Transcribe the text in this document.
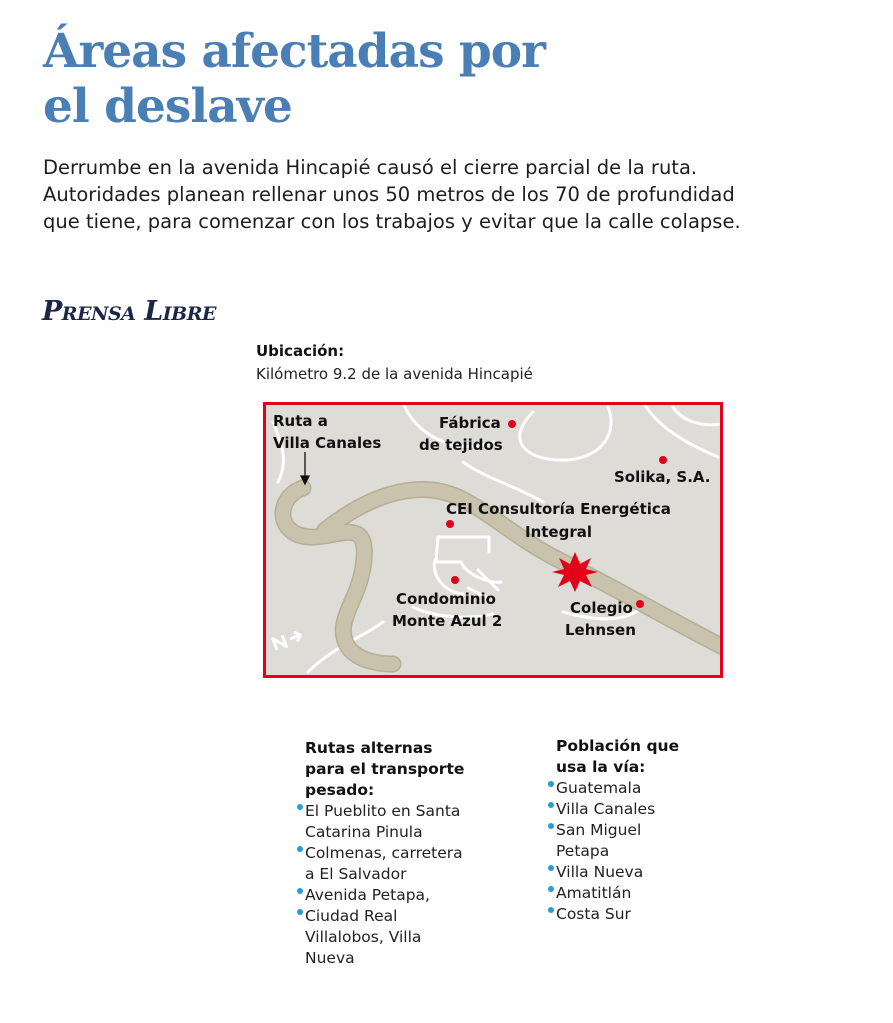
Áreas afectadas por
el deslave

Derrumbe en la avenida Hincapié causó el cierre parcial de la ruta. Autoridades planean rellenar unos 50 metros de los 70 de profundidad que tiene, para comenzar con los trabajos y evitar que la calle colapse.

Prensa Libre

Ubicación:

Kilómetro 9.2 de la avenida Hincapié

Ruta a
Villa Canales
Fábrica
de tejidos
Solika, S.A.
CEI Consultoría Energética
Integral
Condominio
Monte Azul 2
Colegio
Lehnsen
Rutas alternas
para el transporte
pesado:
El Pueblito en Santa
Catarina Pinula
Colmenas, carretera
a El Salvador
Avenida Petapa,
Ciudad Real
Villalobos, Villa
Nueva
Población que
usa la vía:
Guatemala
Villa Canales
San Miguel
Petapa
Villa Nueva
Amatitlán
Costa Sur
